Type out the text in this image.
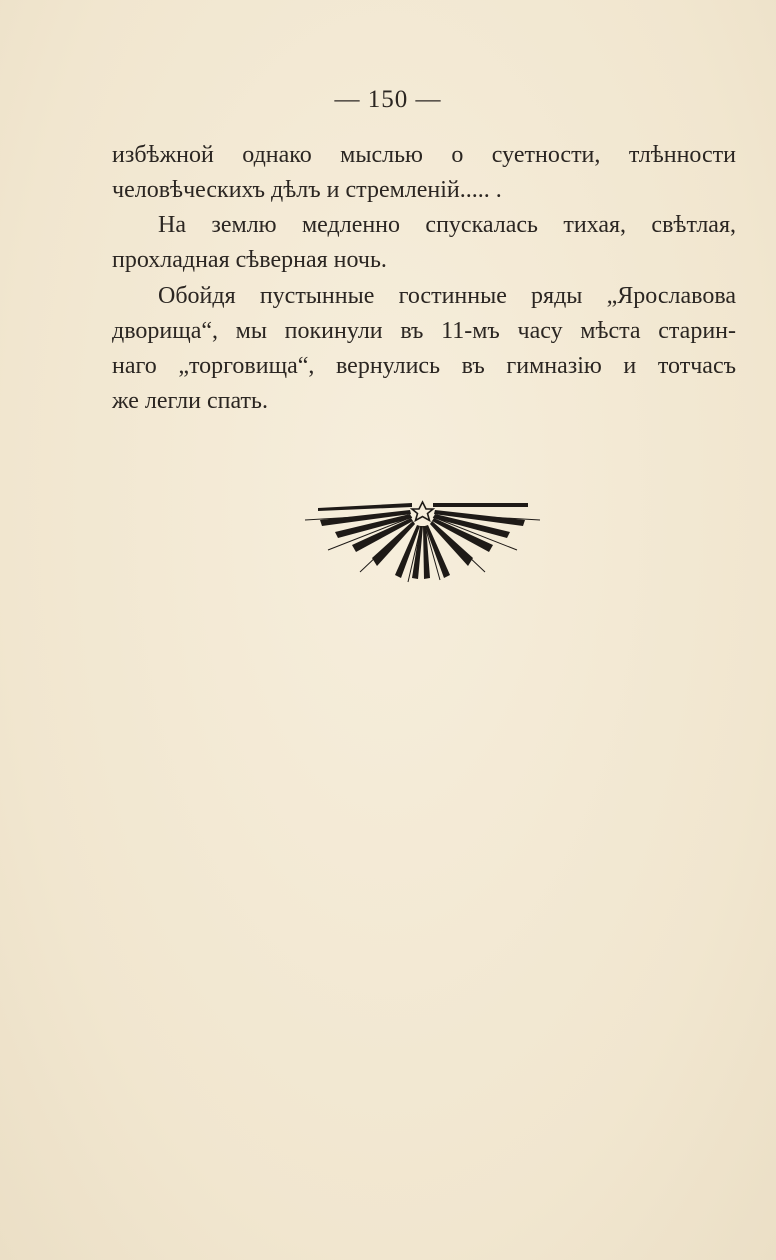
— 150 —
избѣжной однако мыслью о суетности, тлѣнности
человѣческихъ дѣлъ и стремленій..... .
На землю медленно спускалась тихая, свѣтлая,
прохладная сѣверная ночь.
Обойдя пустынные гостинные ряды „Ярославова
дворища“, мы покинули въ 11-мъ часу мѣста старин-
наго „торговища“, вернулись въ гимназію и тотчасъ
же легли спать.
